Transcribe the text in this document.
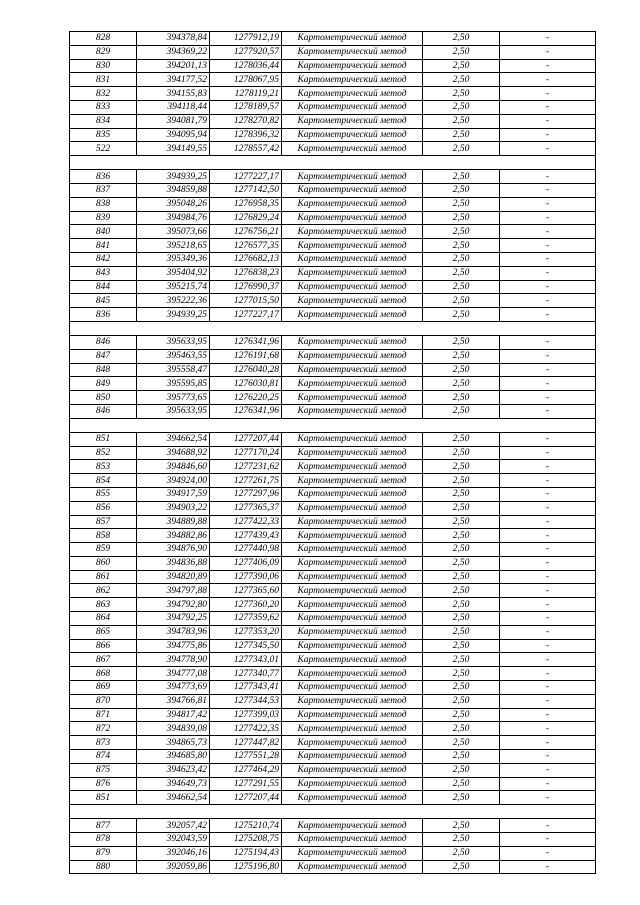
828	394378,84	1277912,19	Картометрический метод	2,50	-
829	394369,22	1277920,57	Картометрический метод	2,50	-
830	394201,13	1278036,44	Картометрический метод	2,50	-
831	394177,52	1278067,95	Картометрический метод	2,50	-
832	394155,83	1278119,21	Картометрический метод	2,50	-
833	394118,44	1278189,57	Картометрический метод	2,50	-
834	394081,79	1278270,82	Картометрический метод	2,50	-
835	394095,94	1278396,32	Картометрический метод	2,50	-
522	394149,55	1278557,42	Картометрический метод	2,50	-

836	394939,25	1277227,17	Картометрический метод	2,50	-
837	394859,88	1277142,50	Картометрический метод	2,50	-
838	395048,26	1276958,35	Картометрический метод	2,50	-
839	394984,76	1276829,24	Картометрический метод	2,50	-
840	395073,66	1276756,21	Картометрический метод	2,50	-
841	395218,65	1276577,35	Картометрический метод	2,50	-
842	395349,36	1276682,13	Картометрический метод	2,50	-
843	395404,92	1276838,23	Картометрический метод	2,50	-
844	395215,74	1276990,37	Картометрический метод	2,50	-
845	395222,36	1277015,50	Картометрический метод	2,50	-
836	394939,25	1277227,17	Картометрический метод	2,50	-

846	395633,95	1276341,96	Картометрический метод	2,50	-
847	395463,55	1276191,68	Картометрический метод	2,50	-
848	395558,47	1276040,28	Картометрический метод	2,50	-
849	395595,85	1276030,81	Картометрический метод	2,50	-
850	395773,65	1276220,25	Картометрический метод	2,50	-
846	395633,95	1276341,96	Картометрический метод	2,50	-

851	394662,54	1277207,44	Картометрический метод	2,50	-
852	394688,92	1277170,24	Картометрический метод	2,50	-
853	394846,60	1277231,62	Картометрический метод	2,50	-
854	394924,00	1277261,75	Картометрический метод	2,50	-
855	394917,59	1277297,96	Картометрический метод	2,50	-
856	394903,22	1277365,37	Картометрический метод	2,50	-
857	394889,88	1277422,33	Картометрический метод	2,50	-
858	394882,86	1277439,43	Картометрический метод	2,50	-
859	394876,90	1277440,98	Картометрический метод	2,50	-
860	394836,88	1277406,09	Картометрический метод	2,50	-
861	394820,89	1277390,06	Картометрический метод	2,50	-
862	394797,88	1277365,60	Картометрический метод	2,50	-
863	394792,80	1277360,20	Картометрический метод	2,50	-
864	394792,25	1277359,62	Картометрический метод	2,50	-
865	394783,96	1277353,20	Картометрический метод	2,50	-
866	394775,86	1277345,50	Картометрический метод	2,50	-
867	394778,90	1277343,01	Картометрический метод	2,50	-
868	394777,08	1277340,77	Картометрический метод	2,50	-
869	394773,69	1277343,41	Картометрический метод	2,50	-
870	394766,81	1277344,53	Картометрический метод	2,50	-
871	394817,42	1277399,03	Картометрический метод	2,50	-
872	394839,08	1277422,35	Картометрический метод	2,50	-
873	394865,73	1277447,82	Картометрический метод	2,50	-
874	394685,80	1277551,28	Картометрический метод	2,50	-
875	394623,42	1277464,29	Картометрический метод	2,50	-
876	394649,73	1277291,55	Картометрический метод	2,50	-
851	394662,54	1277207,44	Картометрический метод	2,50	-

877	392057,42	1275210,74	Картометрический метод	2,50	-
878	392043,59	1275208,75	Картометрический метод	2,50	-
879	392046,16	1275194,43	Картометрический метод	2,50	-
880	392059,86	1275196,80	Картометрический метод	2,50	-
